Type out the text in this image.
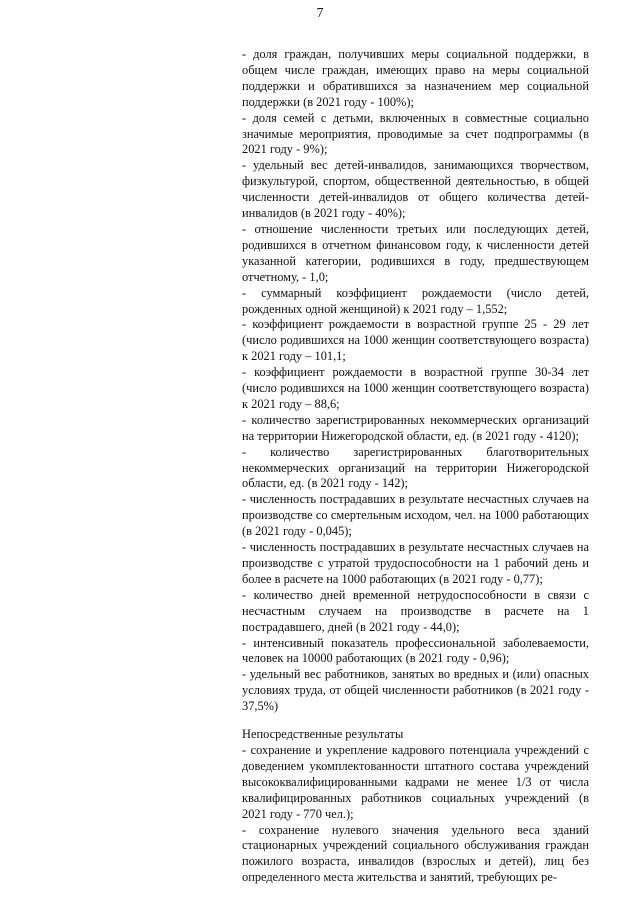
7

- доля граждан, получивших меры социальной поддержки, в общем числе граждан, имеющих право на меры социальной поддержки и обратившихся за назначением мер социальной поддержки (в 2021 году - 100%);

- доля семей с детьми, включенных в совместные социально значимые мероприятия, проводимые за счет подпрограммы (в 2021 году - 9%);

- удельный вес детей-инвалидов, занимающихся творчеством, физкультурой, спортом, общественной деятельностью, в общей численности детей-инвалидов от общего количества детей-инвалидов (в 2021 году - 40%);

- отношение численности третьих или последующих детей, родившихся в отчетном финансовом году, к численности детей указанной категории, родившихся в году, предшествующем отчетному, - 1,0;

- суммарный коэффициент рождаемости (число детей, рожденных одной женщиной) к 2021 году – 1,552;

- коэффициент рождаемости в возрастной группе 25 - 29 лет (число родившихся на 1000 женщин соответствующего возраста) к 2021 году – 101,1;

- коэффициент рождаемости в возрастной группе 30-34 лет (число родившихся на 1000 женщин соответствующего возраста) к 2021 году – 88,6;

- количество зарегистрированных некоммерческих организаций на территории Нижегородской области, ед. (в 2021 году - 4120);

- количество зарегистрированных благотворительных некоммерческих организаций на территории Нижегородской области, ед. (в 2021 году - 142);

- численность пострадавших в результате несчастных случаев на производстве со смертельным исходом, чел. на 1000 работающих (в 2021 году - 0,045);

- численность пострадавших в результате несчастных случаев на производстве с утратой трудоспособности на 1 рабочий день и более в расчете на 1000 работающих (в 2021 году - 0,77);

- количество дней временной нетрудоспособности в связи с несчастным случаем на производстве в расчете на 1 пострадавшего, дней (в 2021 году - 44,0);

- интенсивный показатель профессиональной заболеваемости, человек на 10000 работающих (в 2021 году - 0,96);

- удельный вес работников, занятых во вредных и (или) опасных условиях труда, от общей численности работников (в 2021 году - 37,5%)

Непосредственные результаты

- сохранение и укрепление кадрового потенциала учреждений с доведением укомплектованности штатного состава учреждений высококвалифицированными кадрами не менее 1/3 от числа квалифицированных работников социальных учреждений (в 2021 году - 770 чел.);

- сохранение нулевого значения удельного веса зданий стационарных учреждений социального обслуживания граждан пожилого возраста, инвалидов (взрослых и детей), лиц без определенного места жительства и занятий, требующих ре-
